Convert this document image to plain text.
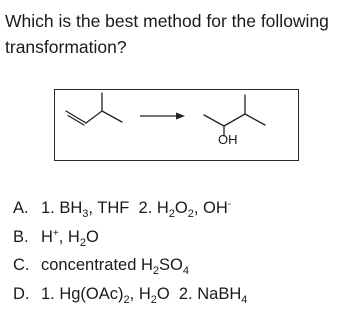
Which is the best method for the following
transformation?
OH
A. 1. $BH_3$, THF  2. $H_2O_2$, OH-
B. H+, $H_2O$
C. concentrated $H_2SO_4$
D. 1. $Hg(OAc)_2$, $H_2O$  2. NaBH$_4$
